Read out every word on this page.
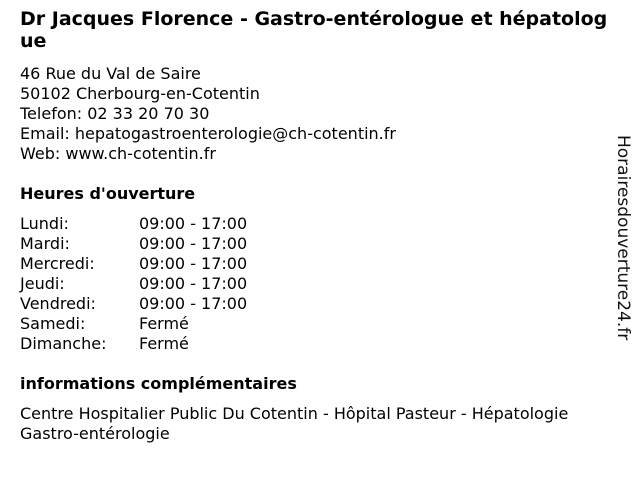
Dr Jacques Florence - Gastro-entérologue et hépatologue
46 Rue du Val de Saire
50102 Cherbourg-en-Cotentin
Telefon: 02 33 20 70 30
Email: hepatogastroenterologie@ch-cotentin.fr
Web: www.ch-cotentin.fr
Heures d'ouverture
Lundi:	09:00 - 17:00
Mardi:	09:00 - 17:00
Mercredi:	09:00 - 17:00
Jeudi:	09:00 - 17:00
Vendredi:	09:00 - 17:00
Samedi:	Fermé
Dimanche:	Fermé
informations complémentaires
Centre Hospitalier Public Du Cotentin - Hôpital Pasteur - Hépatologie Gastro-entérologie
Horairesdouverture24.fr
